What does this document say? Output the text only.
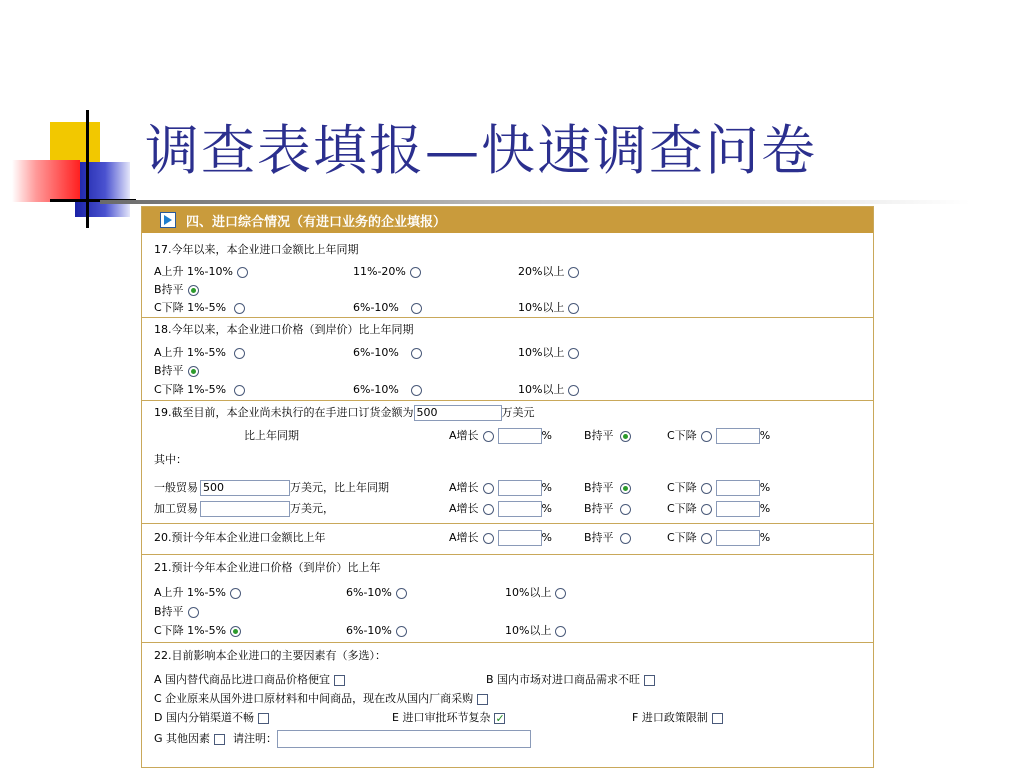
调查表填报—快速调查问卷
四、进口综合情况（有进口业务的企业填报）
17.今年以来，本企业进口金额比上年同期
A上升 1%-10%	11%-20%	20%以上
B持平
C下降 1%-5%	6%-10%	10%以上
18.今年以来，本企业进口价格（到岸价）比上年同期
A上升 1%-5%	6%-10%	10%以上
B持平
C下降 1%-5%	6%-10%	10%以上
19.截至目前，本企业尚未执行的在手进口订货金额为 500	万美元
比上年同期	A增长	%	B持平	C下降	%
其中：
一般贸易 500	万美元，比上年同期	A增长	%	B持平	C下降	%
加工贸易	万美元，	A增长	%	B持平	C下降	%
20.预计今年本企业进口金额比上年	A增长	%	B持平	C下降	%
21.预计今年本企业进口价格（到岸价）比上年
A上升 1%-5%	6%-10%	10%以上
B持平
C下降 1%-5%	6%-10%	10%以上
22.目前影响本企业进口的主要因素有（多选）：
A 国内替代商品比进口商品价格便宜	B 国内市场对进口商品需求不旺
C 企业原来从国外进口原材料和中间商品，现在改从国内厂商采购
D 国内分销渠道不畅	E 进口审批环节复杂
✓	F 进口政策限制
G 其他因素 请注明：
